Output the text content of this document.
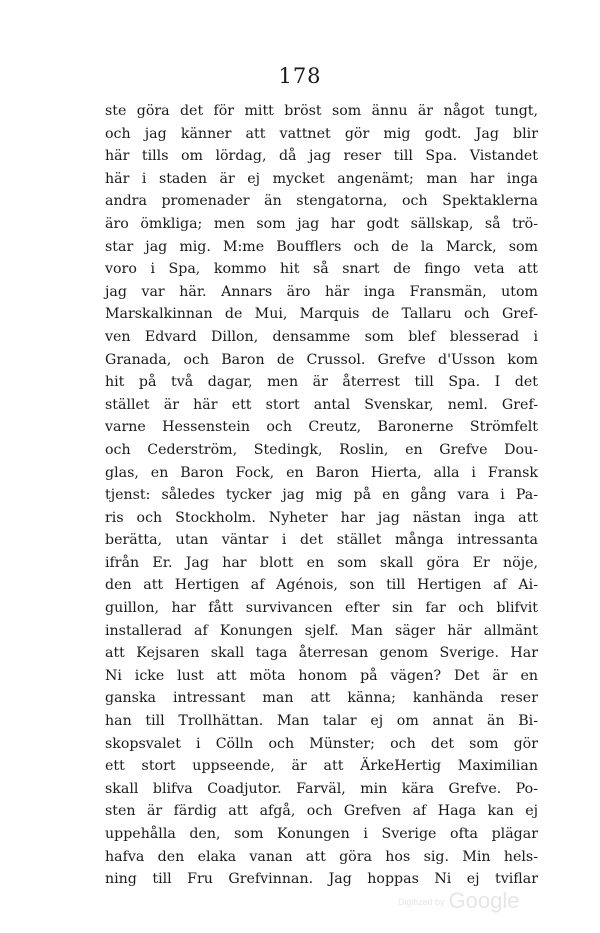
178
ste göra det för mitt bröst som ännu är något tungt,
och jag känner att vattnet gör mig godt. Jag blir
här tills om lördag, då jag reser till Spa. Vistandet
här i staden är ej mycket angenämt; man har inga
andra promenader än stengatorna, och Spektaklerna
äro ömkliga; men som jag har godt sällskap, så trö-
star jag mig. M:me Boufflers och de la Marck, som
voro i Spa, kommo hit så snart de fingo veta att
jag var här. Annars äro här inga Fransmän, utom
Marskalkinnan de Mui, Marquis de Tallaru och Gref-
ven Edvard Dillon, densamme som blef blesserad i
Granada, och Baron de Crussol. Grefve d'Usson kom
hit på två dagar, men är återrest till Spa. I det
stället är här ett stort antal Svenskar, neml. Gref-
varne Hessenstein och Creutz, Baronerne Strömfelt
och Cederström, Stedingk, Roslin, en Grefve Dou-
glas, en Baron Fock, en Baron Hierta, alla i Fransk
tjenst: således tycker jag mig på en gång vara i Pa-
ris och Stockholm. Nyheter har jag nästan inga att
berätta, utan väntar i det stället många intressanta
ifrån Er. Jag har blott en som skall göra Er nöje,
den att Hertigen af Agénois, son till Hertigen af Ai-
guillon, har fått survivancen efter sin far och blifvit
installerad af Konungen sjelf. Man säger här allmänt
att Kejsaren skall taga återresan genom Sverige. Har
Ni icke lust att möta honom på vägen? Det är en
ganska intressant man att känna; kanhända reser
han till Trollhättan. Man talar ej om annat än Bi-
skopsvalet i Cölln och Münster; och det som gör
ett stort uppseende, är att ÄrkeHertig Maximilian
skall blifva Coadjutor. Farväl, min kära Grefve. Po-
sten är färdig att afgå, och Grefven af Haga kan ej
uppehålla den, som Konungen i Sverige ofta plägar
hafva den elaka vanan att göra hos sig. Min hels-
ning till Fru Grefvinnan. Jag hoppas Ni ej tviflar
Digitized by Google
